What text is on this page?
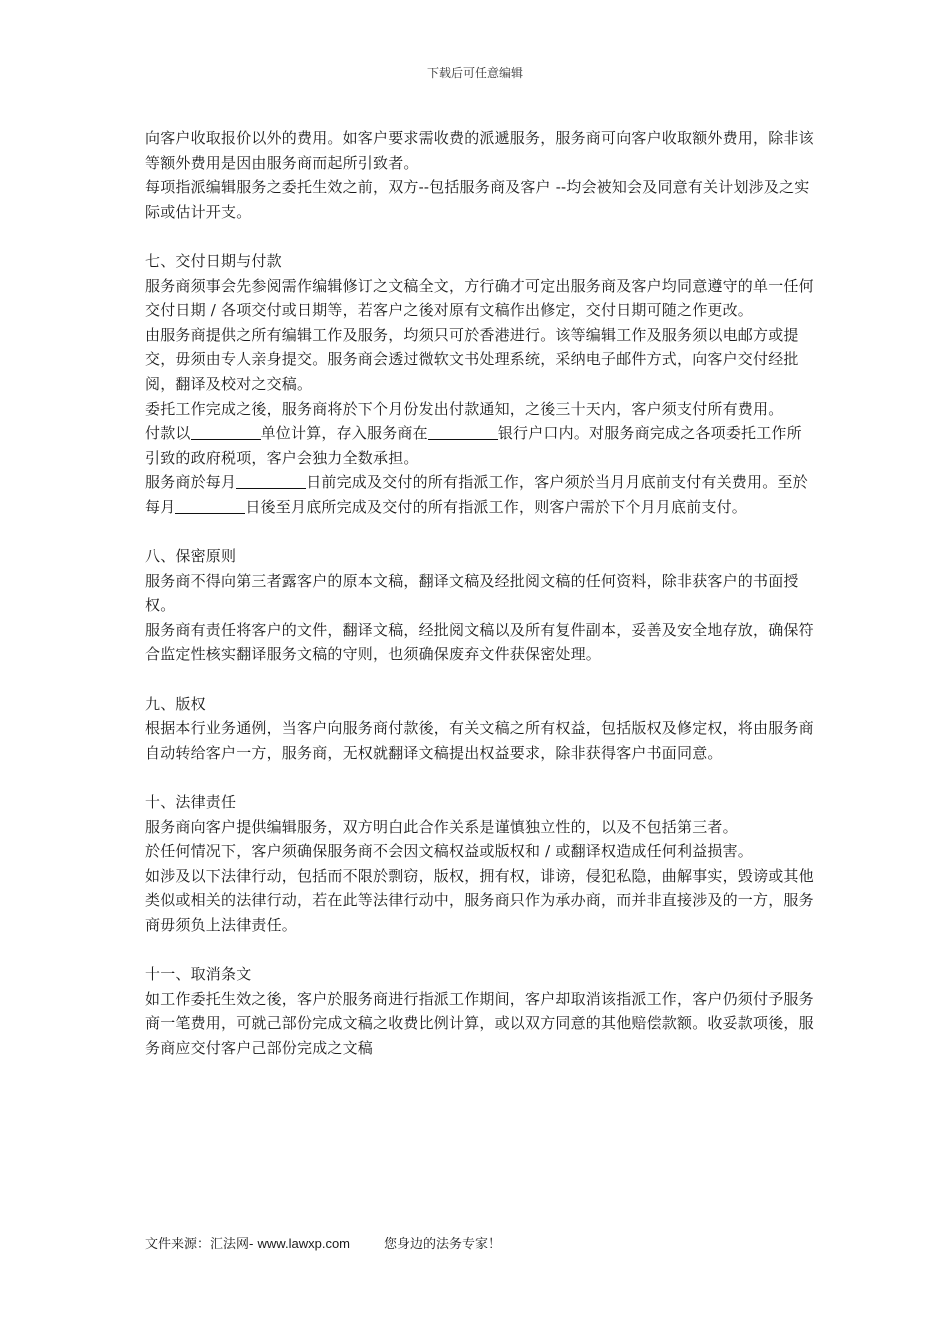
下载后可任意编辑

向客户收取报价以外的费用。如客户要求需收费的派遞服务，服务商可向客户收取额外费用，除非该等额外费用是因由服务商而起所引致者。

每项指派编辑服务之委托生效之前，双方--包括服务商及客户 --均会被知会及同意有关计划涉及之实际或估计开支。

七、交付日期与付款

服务商须事会先参阅需作编辑修订之文稿全文，方行确才可定出服务商及客户均同意遵守的单一任何交付日期 / 各项交付或日期等，若客户之後对原有文稿作出修定，交付日期可随之作更改。

由服务商提供之所有编辑工作及服务，均须只可於香港进行。该等编辑工作及服务须以电邮方或提交，毋须由专人亲身提交。服务商会透过微软文书处理系统，采纳电子邮件方式，向客户交付经批阅，翻译及校对之交稿。

委托工作完成之後，服务商将於下个月份发出付款通知，之後三十天内，客户须支付所有费用。

付款以	单位计算，存入服务商在	银行户口内。对服务商完成之各项委托工作所引致的政府税项，客户会独力全数承担。

服务商於每月	日前完成及交付的所有指派工作，客户须於当月月底前支付有关费用。至於每月	日後至月底所完成及交付的所有指派工作，则客户需於下个月月底前支付。

八、保密原则

服务商不得向第三者露客户的原本文稿，翻译文稿及经批阅文稿的任何资料，除非获客户的书面授权。

服务商有责任将客户的文件，翻译文稿，经批阅文稿以及所有复件副本，妥善及安全地存放，确保符合监定性核实翻译服务文稿的守则，也须确保废弃文件获保密处理。

九、版权

根据本行业务通例，当客户向服务商付款後，有关文稿之所有权益，包括版权及修定权，将由服务商自动转给客户一方，服务商，无权就翻译文稿提出权益要求，除非获得客户书面同意。

十、法律责任

服务商向客户提供编辑服务，双方明白此合作关系是谨慎独立性的，以及不包括第三者。

於任何情况下，客户须确保服务商不会因文稿权益或版权和 / 或翻译权造成任何利益损害。

如涉及以下法律行动，包括而不限於剽窃，版权，拥有权，诽谤，侵犯私隐，曲解事实，毁谤或其他类似或相关的法律行动，若在此等法律行动中，服务商只作为承办商，而并非直接涉及的一方，服务商毋须负上法律责任。

十一、取消条文

如工作委托生效之後，客户於服务商进行指派工作期间，客户却取消该指派工作，客户仍须付予服务商一笔费用，可就己部份完成文稿之收费比例计算，或以双方同意的其他赔偿款额。收妥款项後，服务商应交付客户己部份完成之文稿

文件来源：汇法网- www.lawxp.com	您身边的法务专家！
